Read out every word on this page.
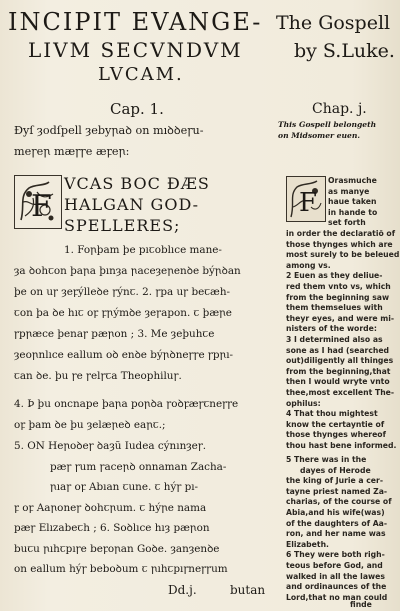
INCIPIT EVANGE-
LIVM SECVNDVM
LVCAM.
The Gospell
by S.Luke.
Cap. 1.	Chap. j.
Ðyſ ȝodſpell ȝebyꞃaꝺ on mıꝺꝺeꞅu-
meꞅeꞃ mæꞅꞅe æꝼeꞃ:
F
VCAS BOC ÐÆS
HALGAN GOD-
SPELLERES;
1. Foꞃþam þe pıꞇoblıce mane-
ȝa ꝺohꞇon þaꞃa þınȝa ꞃaceȝeꞃenꝺe býꞃꝺan
þe on uꞅ ȝeꝼýlleꝺe ꞅýnꞇ. 2. ꞅpa uꞅ beꞇæh-
ꞇon þa ꝺe hıꞇ oꝼ ꝼꞃýmꝺe ȝeꞅapon. ꞇ þæꞃe
ꞅpꞃæce þenaꞅ pæꞃon ; 3. Me ȝeþuhꞇe
ȝeoꞃnlıce eallum oꝺ enꝺe býꞃꝺneꞅꞅe ꞅpꞃı-
ꞇan ꝺe. þu ꞅe ꞅelꞅꞇa Theophiluꞅ.
4. Þ þu oncnape þaꞃa poꞃꝺa ꞅoꝺꝼæꞅꞇneꞅꞅe
oꝼ þam ꝺe þu ȝelæꞃeꝺ eaꞃꞇ.;
5. ON Heꞃoꝺeꞅ ꝺaȝũ Iudea cýnınȝeꞅ.
pæꞅ ꞅum ꞅaceꞃꝺ onnaman Zacha-
ꞃıaꞅ oꝼ Abıan ꞇune. ꞇ hýꞅ pı-
ꝼ oꝼ Aaꞃoneꞅ ꝺohꞇꞃum. ꞇ hýꞃe nama
pæꞅ Elızabeꞇh ; 6. Soꝺlıce hıȝ pæꞃon
buꞇu ꞃıhꞇpıꞅe beꝼoꞃan Goꝺe. ȝanȝenꝺe
on eallum hýꞅ beboꝺum ꞇ ꞃıhꞇpıꞅneꞅꞅum
Dd.j.	butan
This Gospell belongeth
on Midsomer euen.
F
Orasmuche
as manye
haue taken
in hande to
set forth
in order the declaratiõ of
those thynges which are
most surely to be beleued
among vs.
2 Euen as they deliue-
red them vnto vs, which
from the beginning saw
them themselues with
theyr eyes, and were mi-
nisters of the worde:
3 I determined also as
sone as I had (searched
out)diligently all thinges
from the beginning,that
then I would wryte vnto
thee,most excellent The-
ophilus:
4 That thou mightest
know the certayntie of
those thynges whereof
thou hast bene informed.
5 There was in the
dayes of Herode
the king of Jurie a cer-
tayne priest named Za-
charias, of the course of
Abia,and his wife(was)
of the daughters of Aa-
ron, and her name was
Elizabeth.
6 They were both righ-
teous before God, and
walked in all the lawes
and ordinaunces of the
Lord,that no man could
finde
